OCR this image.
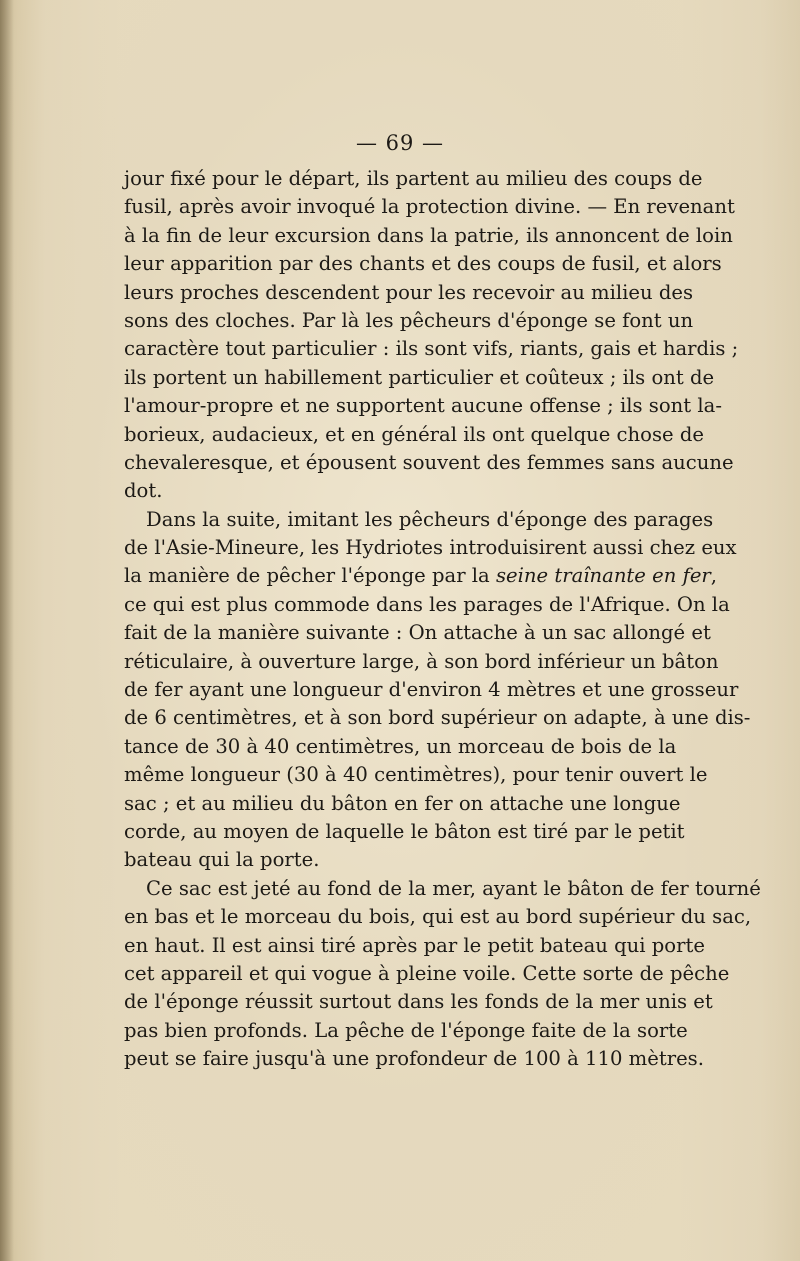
— 69 —
jour fixé pour le départ, ils partent au milieu des coups de
fusil, après avoir invoqué la protection divine. — En revenant
à la fin de leur excursion dans la patrie, ils annoncent de loin
leur apparition par des chants et des coups de fusil, et alors
leurs proches descendent pour les recevoir au milieu des
sons des cloches. Par là les pêcheurs d'éponge se font un
caractère tout particulier : ils sont vifs, riants, gais et hardis ;
ils portent un habillement particulier et coûteux ; ils ont de
l'amour-propre et ne supportent aucune offense ; ils sont la-
borieux, audacieux, et en général ils ont quelque chose de
chevaleresque, et épousent souvent des femmes sans aucune
dot.
Dans la suite, imitant les pêcheurs d'éponge des parages
de l'Asie-Mineure, les Hydriotes introduisirent aussi chez eux
la manière de pêcher l'éponge par la seine traînante en fer,
ce qui est plus commode dans les parages de l'Afrique. On la
fait de la manière suivante : On attache à un sac allongé et
réticulaire, à ouverture large, à son bord inférieur un bâton
de fer ayant une longueur d'environ 4 mètres et une grosseur
de 6 centimètres, et à son bord supérieur on adapte, à une dis-
tance de 30 à 40 centimètres, un morceau de bois de la
même longueur (30 à 40 centimètres), pour tenir ouvert le
sac ; et au milieu du bâton en fer on attache une longue
corde, au moyen de laquelle le bâton est tiré par le petit
bateau qui la porte.
Ce sac est jeté au fond de la mer, ayant le bâton de fer tourné
en bas et le morceau du bois, qui est au bord supérieur du sac,
en haut. Il est ainsi tiré après par le petit bateau qui porte
cet appareil et qui vogue à pleine voile. Cette sorte de pêche
de l'éponge réussit surtout dans les fonds de la mer unis et
pas bien profonds. La pêche de l'éponge faite de la sorte
peut se faire jusqu'à une profondeur de 100 à 110 mètres.
